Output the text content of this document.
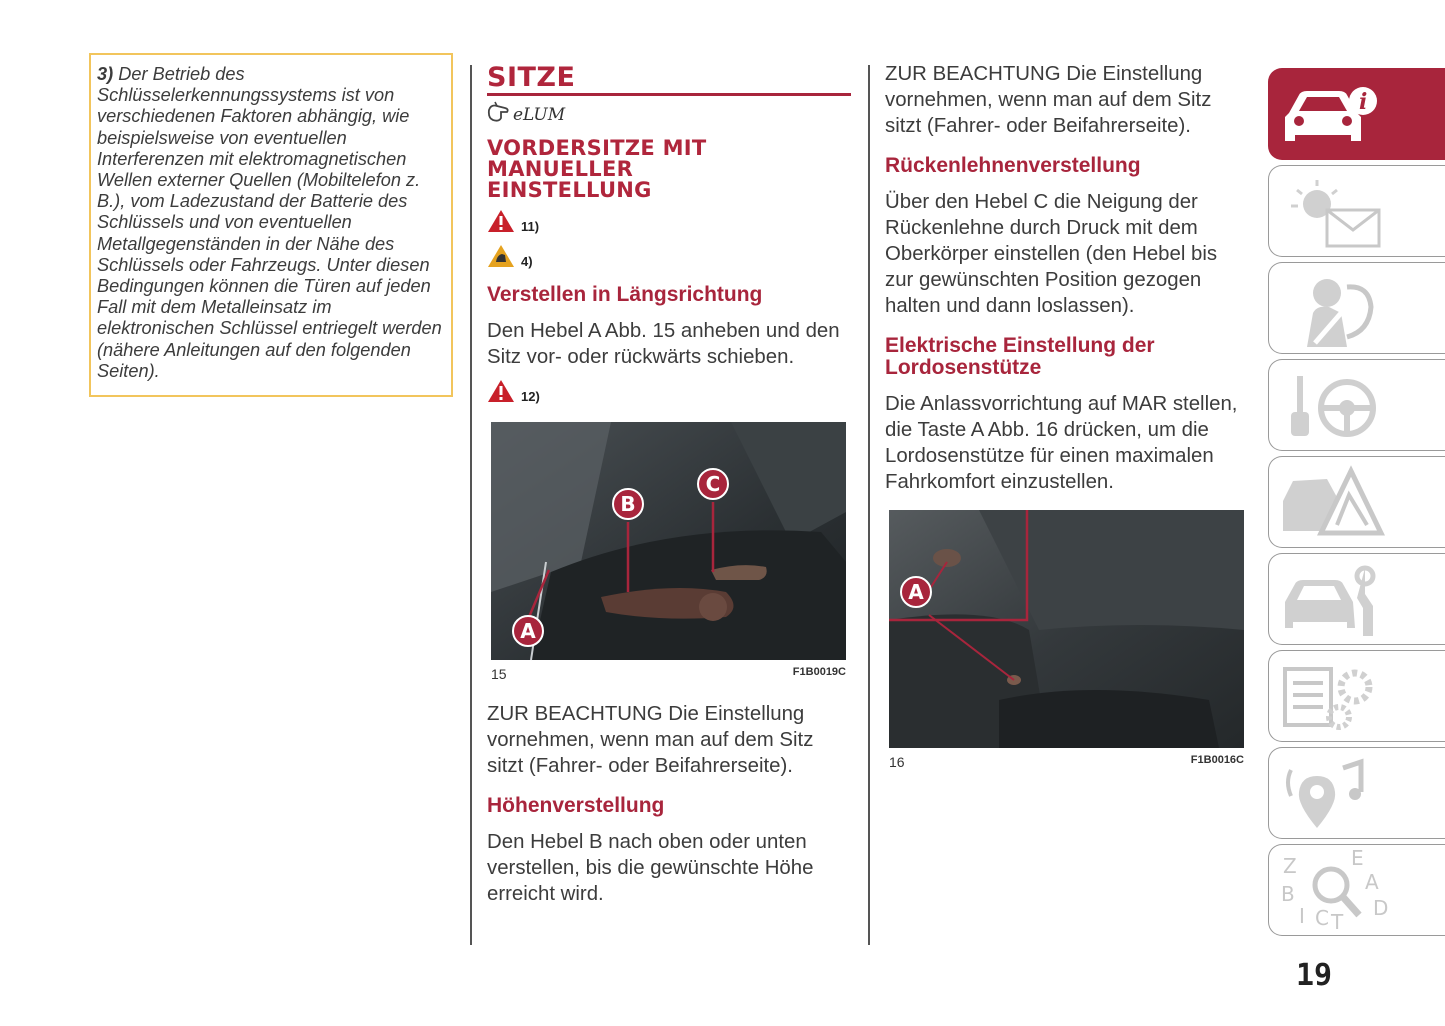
3) Der Betrieb des Schlüsselerkennungssystems ist von verschiedenen Faktoren abhängig, wie beispielsweise von eventuellen Interferenzen mit elektromagnetischen Wellen externer Quellen (Mobiltelefon z. B.), vom Ladezustand der Batterie des Schlüssels und von eventuellen Metallgegenständen in der Nähe des Schlüssels oder Fahrzeugs. Unter diesen Bedingungen können die Türen auf jeden Fall mit dem Metalleinsatz im elektronischen Schlüssel entriegelt werden (nähere Anleitungen auf den folgenden Seiten).
SITZE
eLUM
VORDERSITZE MIT MANUELLER EINSTELLUNG
11)
4)
Verstellen in Längsrichtung
Den Hebel A Abb. 15 anheben und den Sitz vor- oder rückwärts schieben.
12)
A
B
C
15	F1B0019C
ZUR BEACHTUNG Die Einstellung vornehmen, wenn man auf dem Sitz sitzt (Fahrer- oder Beifahrerseite).
Höhenverstellung
Den Hebel B nach oben oder unten verstellen, bis die gewünschte Höhe erreicht wird.
ZUR BEACHTUNG Die Einstellung vornehmen, wenn man auf dem Sitz sitzt (Fahrer- oder Beifahrerseite).
Rückenlehnenverstellung
Über den Hebel C die Neigung der Rückenlehne durch Druck mit dem Oberkörper einstellen (den Hebel bis zur gewünschten Position gezogen halten und dann loslassen).
Elektrische Einstellung der Lordosenstütze
Die Anlassvorrichtung auf MAR stellen, die Taste A Abb. 16 drücken, um die Lordosenstütze für einen maximalen Fahrkomfort einzustellen.
A
16	F1B0016C
i
Z	E
A
B
D
I C T
19
